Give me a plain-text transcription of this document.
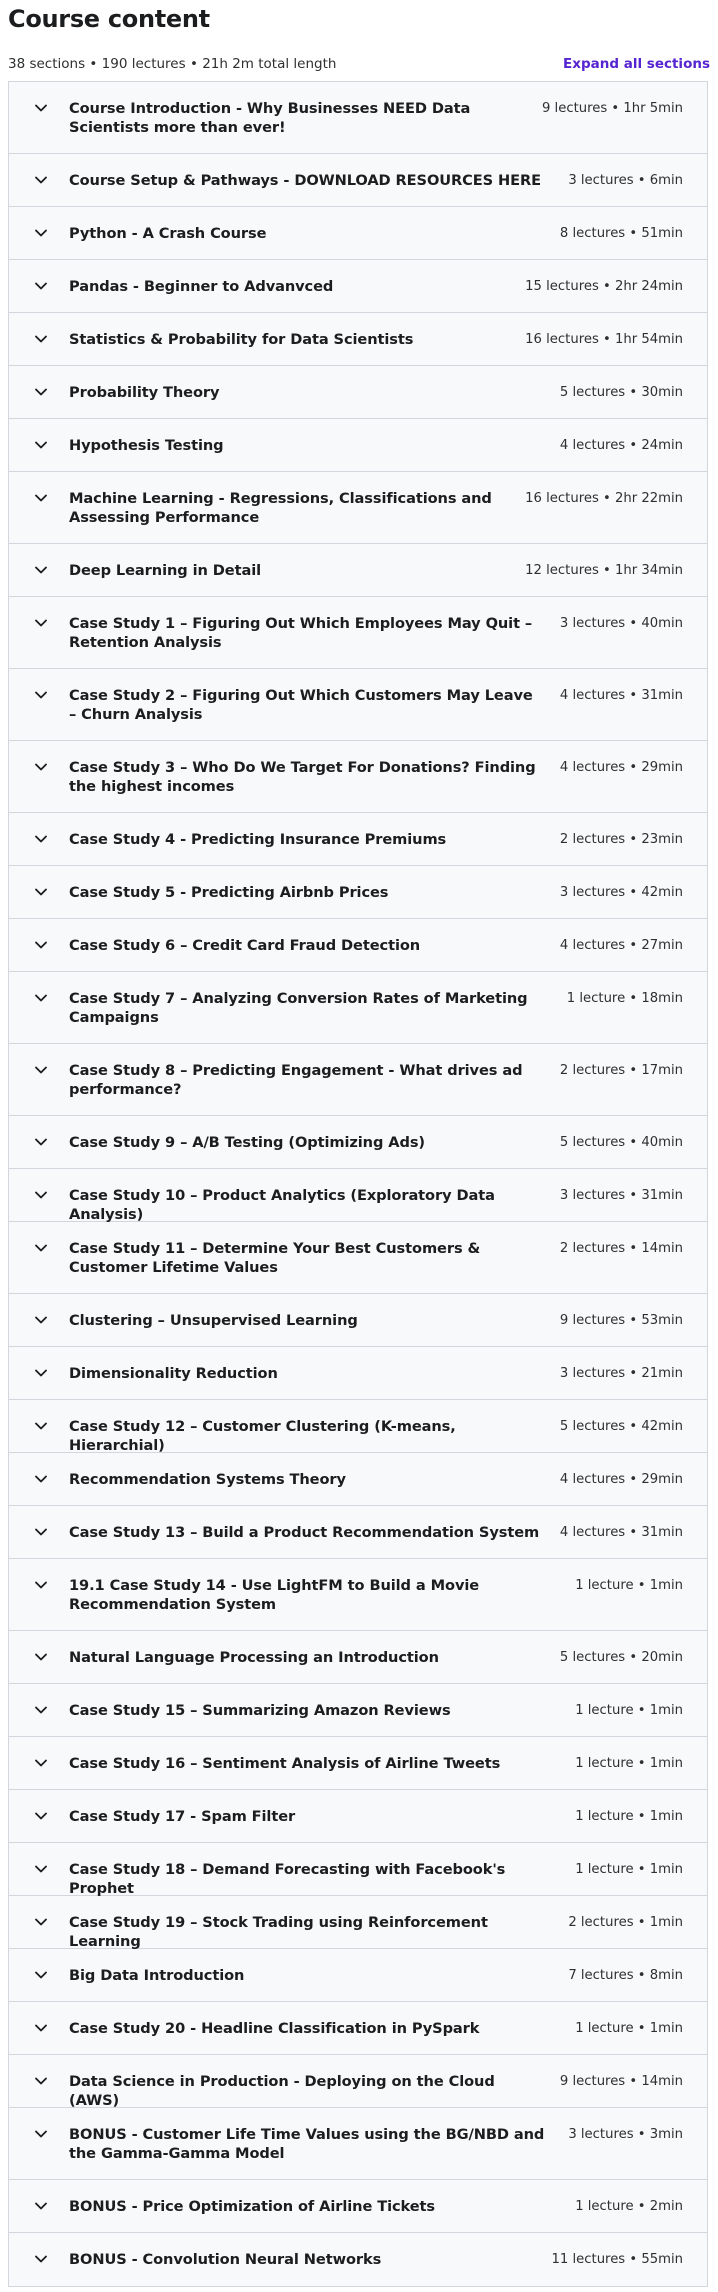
Course content
38 sections • 190 lectures • 21h 2m total length	Expand all sections
Course Introduction - Why Businesses NEED Data Scientists more than ever!
9 lectures • 1hr 5min
Course Setup & Pathways - DOWNLOAD RESOURCES HERE	3 lectures • 6min
Python - A Crash Course	8 lectures • 51min
Pandas - Beginner to Advanvced	15 lectures • 2hr 24min
Statistics & Probability for Data Scientists	16 lectures • 1hr 54min
Probability Theory	5 lectures • 30min
Hypothesis Testing	4 lectures • 24min
Machine Learning - Regressions, Classifications and Assessing Performance
16 lectures • 2hr 22min
Deep Learning in Detail	12 lectures • 1hr 34min
Case Study 1 – Figuring Out Which Employees May Quit – Retention Analysis
3 lectures • 40min
Case Study 2 – Figuring Out Which Customers May Leave – Churn Analysis
4 lectures • 31min
Case Study 3 – Who Do We Target For Donations? Finding the highest incomes
4 lectures • 29min
Case Study 4 - Predicting Insurance Premiums	2 lectures • 23min
Case Study 5 - Predicting Airbnb Prices	3 lectures • 42min
Case Study 6 – Credit Card Fraud Detection	4 lectures • 27min
Case Study 7 – Analyzing Conversion Rates of Marketing Campaigns
1 lecture • 18min
Case Study 8 – Predicting Engagement - What drives ad performance?
2 lectures • 17min
Case Study 9 – A/B Testing (Optimizing Ads)	5 lectures • 40min
Case Study 10 – Product Analytics (Exploratory Data Analysis)
3 lectures • 31min
Case Study 11 – Determine Your Best Customers & Customer Lifetime Values
2 lectures • 14min
Clustering – Unsupervised Learning	9 lectures • 53min
Dimensionality Reduction	3 lectures • 21min
Case Study 12 – Customer Clustering (K-means, Hierarchial)
5 lectures • 42min
Recommendation Systems Theory	4 lectures • 29min
Case Study 13 – Build a Product Recommendation System	4 lectures • 31min
19.1 Case Study 14 - Use LightFM to Build a Movie Recommendation System
1 lecture • 1min
Natural Language Processing an Introduction	5 lectures • 20min
Case Study 15 – Summarizing Amazon Reviews	1 lecture • 1min
Case Study 16 – Sentiment Analysis of Airline Tweets	1 lecture • 1min
Case Study 17 - Spam Filter	1 lecture • 1min
Case Study 18 – Demand Forecasting with Facebook's Prophet
1 lecture • 1min
Case Study 19 – Stock Trading using Reinforcement Learning
2 lectures • 1min
Big Data Introduction	7 lectures • 8min
Case Study 20 - Headline Classification in PySpark	1 lecture • 1min
Data Science in Production - Deploying on the Cloud (AWS)
9 lectures • 14min
BONUS - Customer Life Time Values using the BG/NBD and the Gamma-Gamma Model
3 lectures • 3min
BONUS - Price Optimization of Airline Tickets	1 lecture • 2min
BONUS - Convolution Neural Networks	11 lectures • 55min
